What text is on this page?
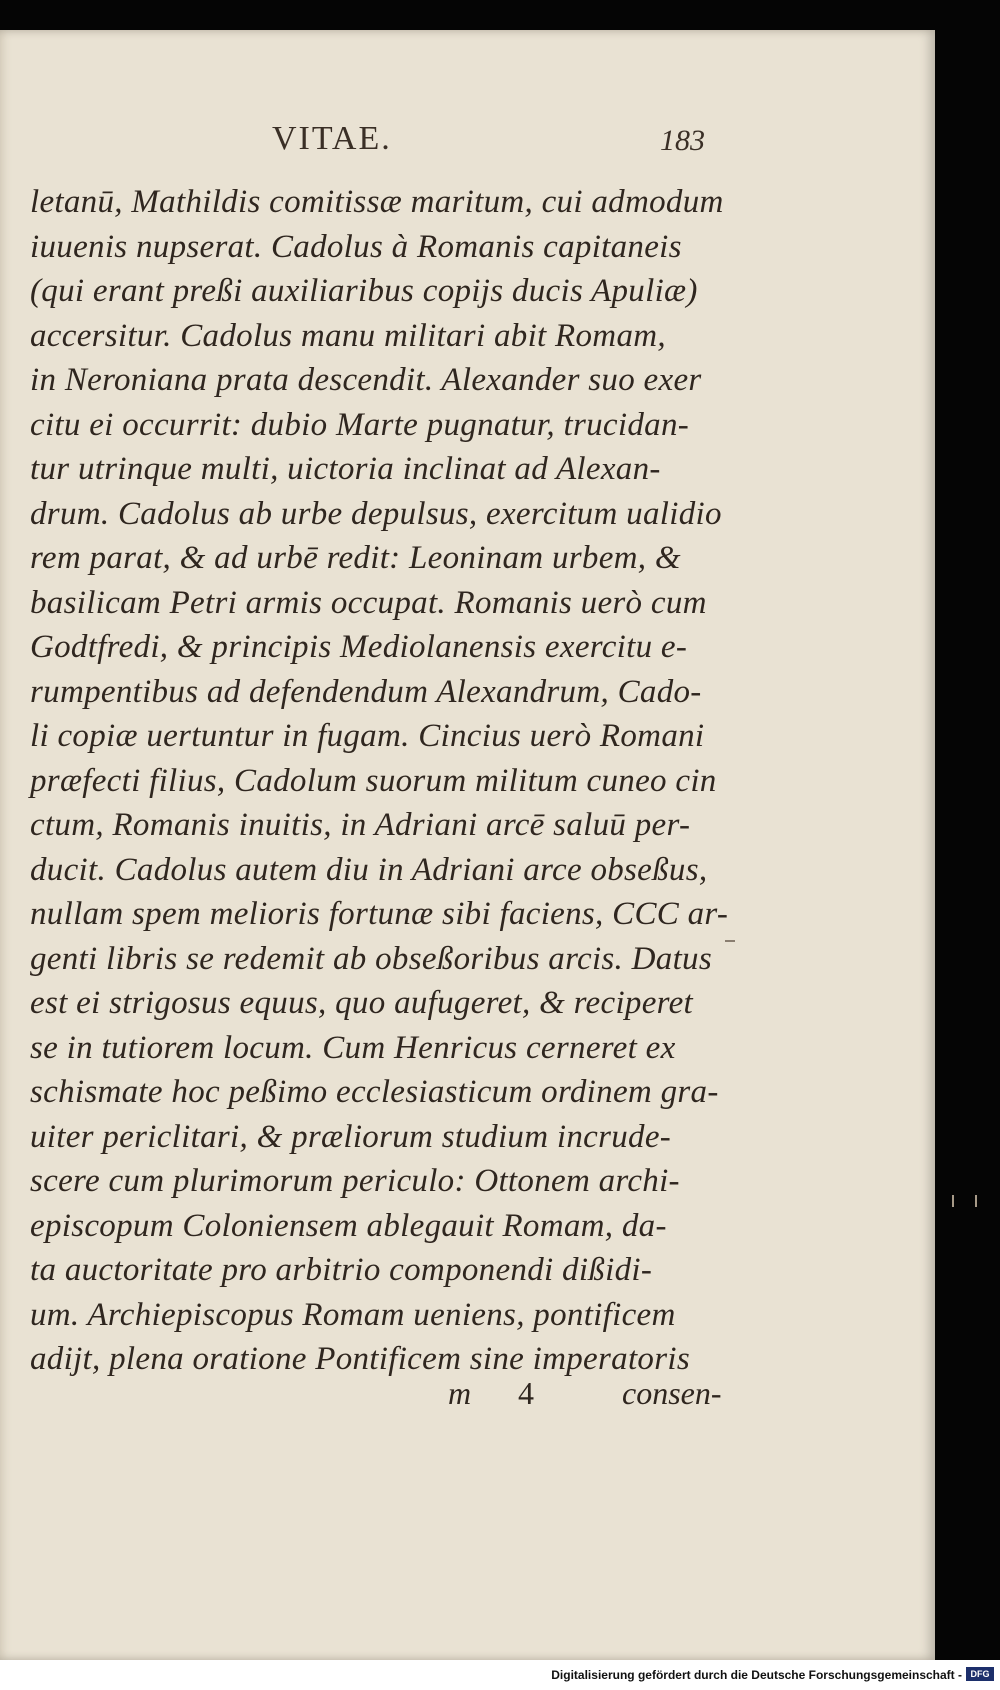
VITAE.	183
letanū, Mathildis comitissæ maritum, cui admodum
iuuenis nupserat. Cadolus à Romanis capitaneis
(qui erant preßi auxiliaribus copijs ducis Apuliæ)
accersitur. Cadolus manu militari abit Romam,
in Neroniana prata descendit. Alexander suo exer
citu ei occurrit: dubio Marte pugnatur, trucidan-
tur utrinque multi, uictoria inclinat ad Alexan-
drum. Cadolus ab urbe depulsus, exercitum ualidio
rem parat, & ad urbē redit: Leoninam urbem, &
basilicam Petri armis occupat. Romanis uerò cum
Godtfredi, & principis Mediolanensis exercitu e-
rumpentibus ad defendendum Alexandrum, Cado-
li copiæ uertuntur in fugam. Cincius uerò Romani
præfecti filius, Cadolum suorum militum cuneo cin
ctum, Romanis inuitis, in Adriani arcē saluū per-
ducit. Cadolus autem diu in Adriani arce obseßus,
nullam spem melioris fortunæ sibi faciens, CCC ar-
genti libris se redemit ab obseßoribus arcis. Datus
est ei strigosus equus, quo aufugeret, & reciperet
se in tutiorem locum. Cum Henricus cerneret ex
schismate hoc peßimo ecclesiasticum ordinem gra-
uiter periclitari, & præliorum studium incrude-
scere cum plurimorum periculo: Ottonem archi-
episcopum Coloniensem ablegauit Romam, da-
ta auctoritate pro arbitrio componendi dißidi-
um. Archiepiscopus Romam ueniens, pontificem
adijt, plena oratione Pontificem sine imperatoris
m 4	consen-
Digitalisierung gefördert durch die Deutsche Forschungsgemeinschaft - DFG
